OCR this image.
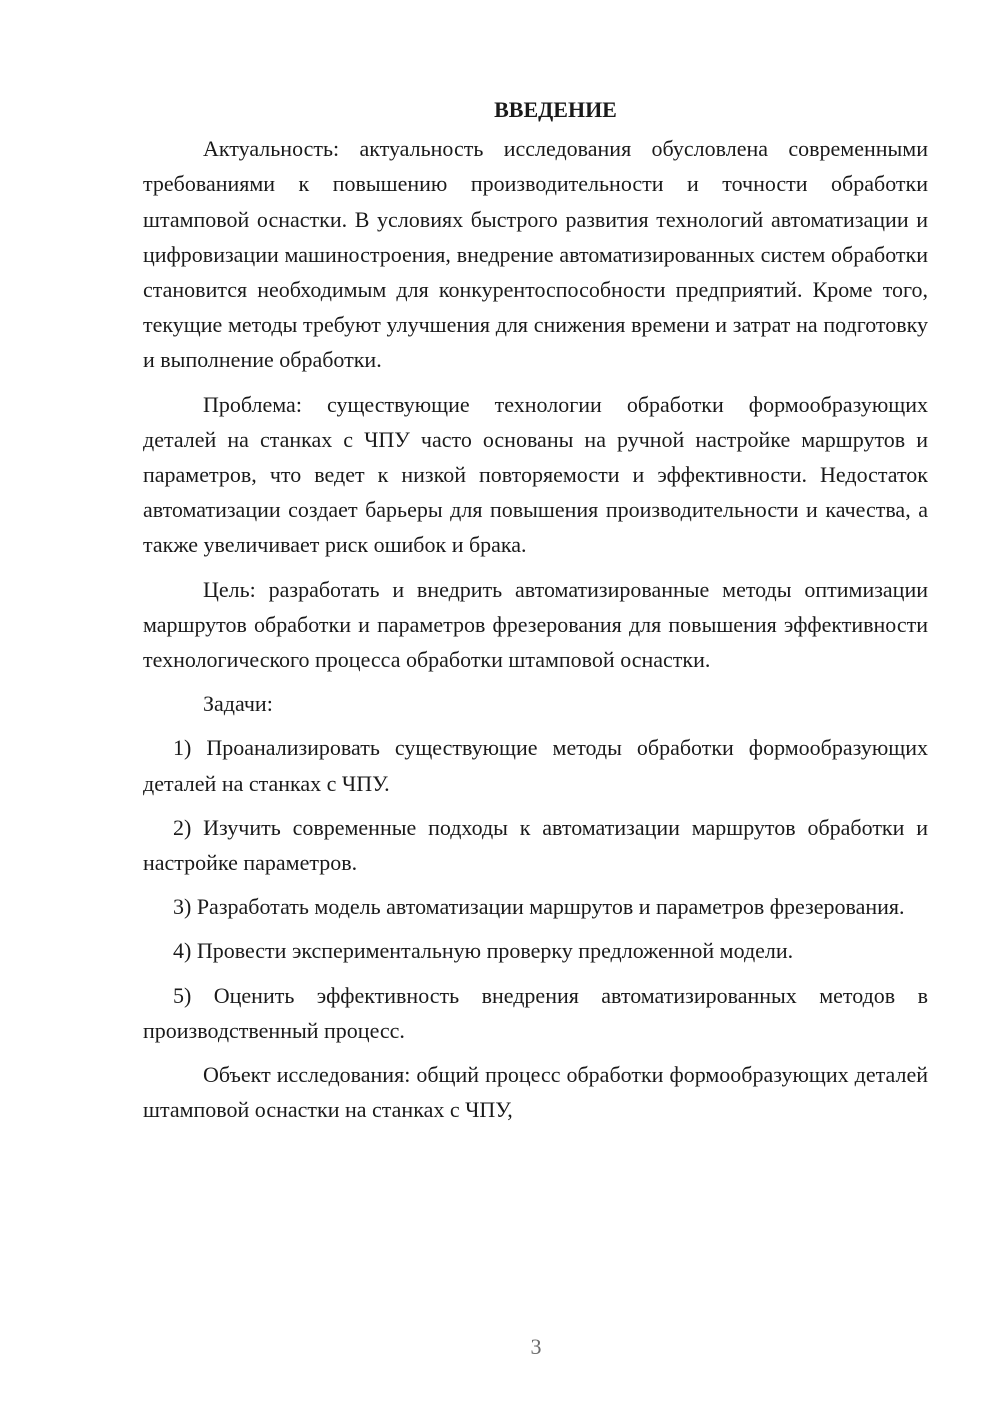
ВВЕДЕНИЕ

Актуальность: актуальность исследования обусловлена современными требованиями к повышению производительности и точности обработки штамповой оснастки. В условиях быстрого развития технологий автоматизации и цифровизации машиностроения, внедрение автоматизированных систем обработки становится необходимым для конкурентоспособности предприятий. Кроме того, текущие методы требуют улучшения для снижения времени и затрат на подготовку и выполнение обработки.

Проблема: существующие технологии обработки формообразующих деталей на станках с ЧПУ часто основаны на ручной настройке маршрутов и параметров, что ведет к низкой повторяемости и эффективности. Недостаток автоматизации создает барьеры для повышения производительности и качества, а также увеличивает риск ошибок и брака.

Цель: разработать и внедрить автоматизированные методы оптимизации маршрутов обработки и параметров фрезерования для повышения эффективности технологического процесса обработки штамповой оснастки.

Задачи:

1) Проанализировать существующие методы обработки формообразующих деталей на станках с ЧПУ.

2) Изучить современные подходы к автоматизации маршрутов обработки и настройке параметров.

3) Разработать модель автоматизации маршрутов и параметров фрезерования.

4) Провести экспериментальную проверку предложенной модели.

5) Оценить эффективность внедрения автоматизированных методов в производственный процесс.

Объект исследования: общий процесс обработки формообразующих деталей штамповой оснастки на станках с ЧПУ,

3
